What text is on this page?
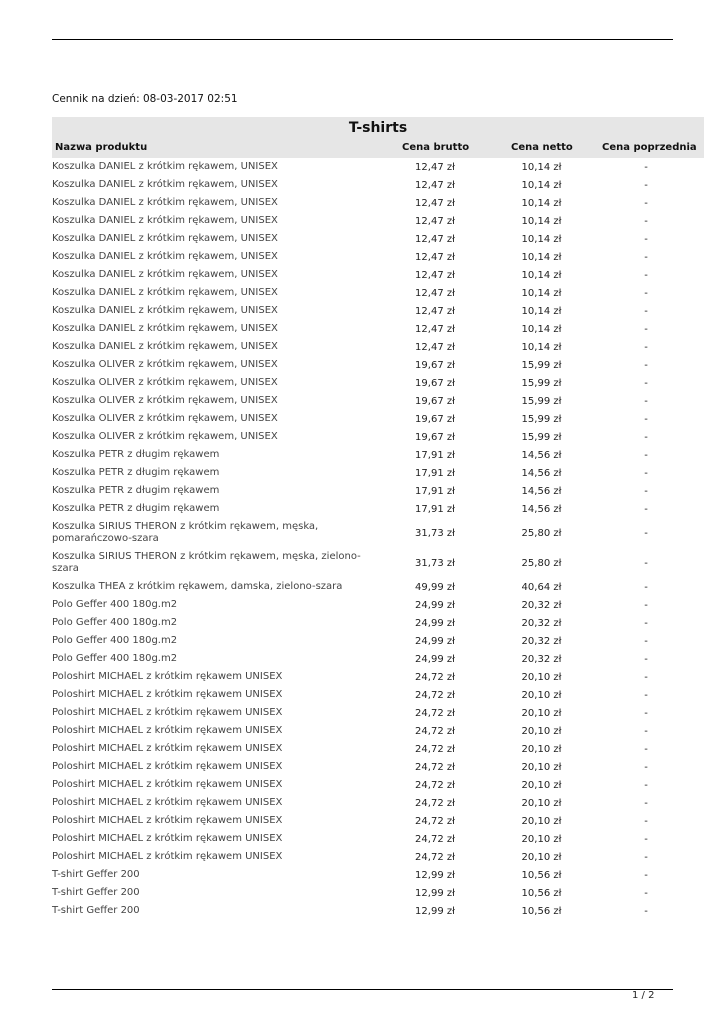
Cennik na dzień: 08-03-2017 02:51
T-shirts
Nazwa produktu	Cena brutto	Cena netto	Cena poprzednia
Koszulka DANIEL z krótkim rękawem, UNISEX	12,47 zł	10,14 zł	-
Koszulka DANIEL z krótkim rękawem, UNISEX	12,47 zł	10,14 zł	-
Koszulka DANIEL z krótkim rękawem, UNISEX	12,47 zł	10,14 zł	-
Koszulka DANIEL z krótkim rękawem, UNISEX	12,47 zł	10,14 zł	-
Koszulka DANIEL z krótkim rękawem, UNISEX	12,47 zł	10,14 zł	-
Koszulka DANIEL z krótkim rękawem, UNISEX	12,47 zł	10,14 zł	-
Koszulka DANIEL z krótkim rękawem, UNISEX	12,47 zł	10,14 zł	-
Koszulka DANIEL z krótkim rękawem, UNISEX	12,47 zł	10,14 zł	-
Koszulka DANIEL z krótkim rękawem, UNISEX	12,47 zł	10,14 zł	-
Koszulka DANIEL z krótkim rękawem, UNISEX	12,47 zł	10,14 zł	-
Koszulka DANIEL z krótkim rękawem, UNISEX	12,47 zł	10,14 zł	-
Koszulka OLIVER z krótkim rękawem, UNISEX	19,67 zł	15,99 zł	-
Koszulka OLIVER z krótkim rękawem, UNISEX	19,67 zł	15,99 zł	-
Koszulka OLIVER z krótkim rękawem, UNISEX	19,67 zł	15,99 zł	-
Koszulka OLIVER z krótkim rękawem, UNISEX	19,67 zł	15,99 zł	-
Koszulka OLIVER z krótkim rękawem, UNISEX	19,67 zł	15,99 zł	-
Koszulka PETR z długim rękawem	17,91 zł	14,56 zł	-
Koszulka PETR z długim rękawem	17,91 zł	14,56 zł	-
Koszulka PETR z długim rękawem	17,91 zł	14,56 zł	-
Koszulka PETR z długim rękawem	17,91 zł	14,56 zł	-
Koszulka SIRIUS THERON z krótkim rękawem, męska, pomarańczowo-szara	31,73 zł	25,80 zł	-
Koszulka SIRIUS THERON z krótkim rękawem, męska, zielono-szara	31,73 zł	25,80 zł	-
Koszulka THEA z krótkim rękawem, damska, zielono-szara	49,99 zł	40,64 zł	-
Polo Geffer 400 180g.m2	24,99 zł	20,32 zł	-
Polo Geffer 400 180g.m2	24,99 zł	20,32 zł	-
Polo Geffer 400 180g.m2	24,99 zł	20,32 zł	-
Polo Geffer 400 180g.m2	24,99 zł	20,32 zł	-
Poloshirt MICHAEL z krótkim rękawem UNISEX	24,72 zł	20,10 zł	-
Poloshirt MICHAEL z krótkim rękawem UNISEX	24,72 zł	20,10 zł	-
Poloshirt MICHAEL z krótkim rękawem UNISEX	24,72 zł	20,10 zł	-
Poloshirt MICHAEL z krótkim rękawem UNISEX	24,72 zł	20,10 zł	-
Poloshirt MICHAEL z krótkim rękawem UNISEX	24,72 zł	20,10 zł	-
Poloshirt MICHAEL z krótkim rękawem UNISEX	24,72 zł	20,10 zł	-
Poloshirt MICHAEL z krótkim rękawem UNISEX	24,72 zł	20,10 zł	-
Poloshirt MICHAEL z krótkim rękawem UNISEX	24,72 zł	20,10 zł	-
Poloshirt MICHAEL z krótkim rękawem UNISEX	24,72 zł	20,10 zł	-
Poloshirt MICHAEL z krótkim rękawem UNISEX	24,72 zł	20,10 zł	-
Poloshirt MICHAEL z krótkim rękawem UNISEX	24,72 zł	20,10 zł	-
T-shirt Geffer 200	12,99 zł	10,56 zł	-
T-shirt Geffer 200	12,99 zł	10,56 zł	-
T-shirt Geffer 200	12,99 zł	10,56 zł	-
1 / 2
